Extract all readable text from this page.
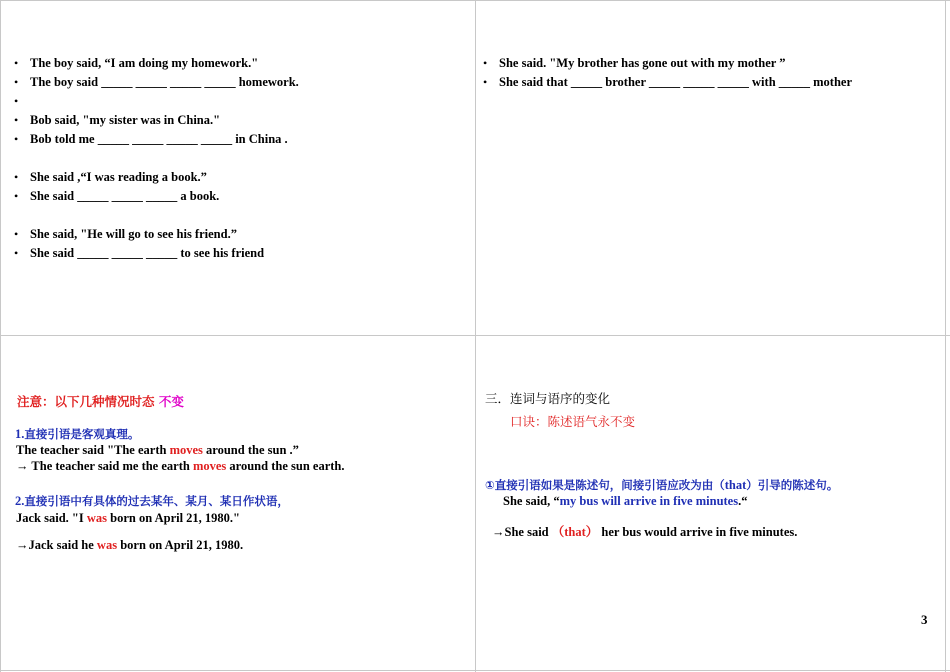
• The boy said, “I am doing my homework."
• The boy said _____ _____ _____ _____ homework.
•
• Bob said, "my sister was in China."
• Bob told me _____ _____ _____ _____ in China .
• She said ,“I was reading a book.”
• She said _____ _____ _____ a book.
• She said, "He will go to see his friend.”
• She said _____ _____ _____ to see his friend
• She said. "My brother has gone out with my mother ”
• She said that _____ brother _____ _____ _____ with _____ mother
注意：以下几种情况时态 不变
1.直接引语是客观真理。
The teacher said "The earth moves around the sun .”
→ The teacher said me the earth moves around the sun earth.
2.直接引语中有具体的过去某年、某月、某日作状语，
Jack said. "I was born on April 21, 1980."
→Jack said he was born on April 21, 1980.
三．连词与语序的变化
口诀：陈述语气永不变
①直接引语如果是陈述句，间接引语应改为由（that）引导的陈述句。
She said, “my bus will arrive in five minutes.“
→She said （that） her bus would arrive in five minutes.
3
